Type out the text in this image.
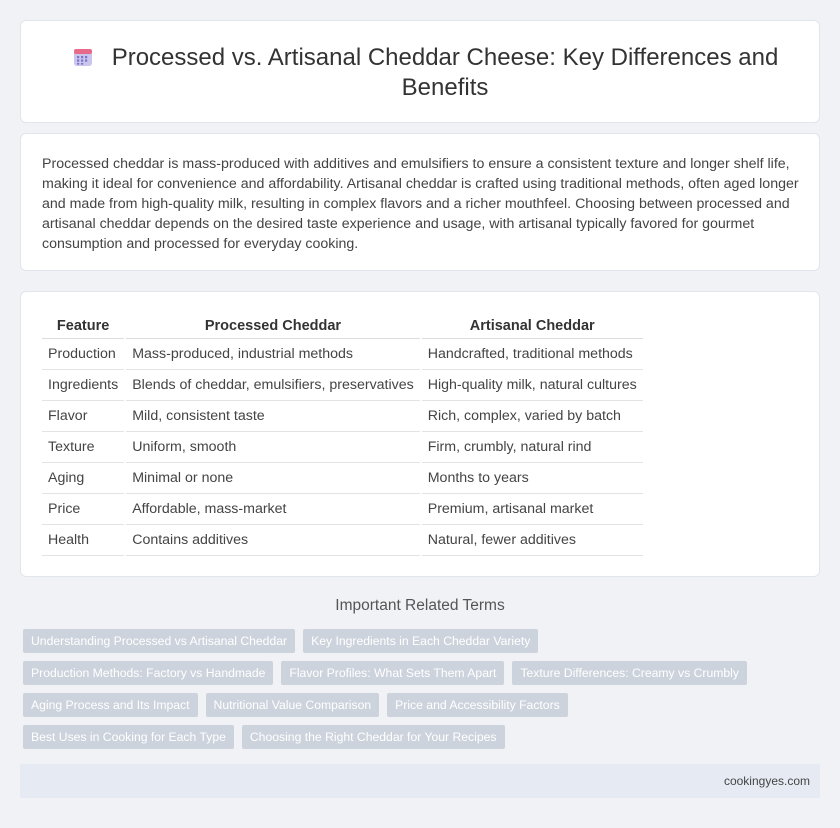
Processed vs. Artisanal Cheddar Cheese: Key Differences and Benefits

Processed cheddar is mass-produced with additives and emulsifiers to ensure a consistent texture and longer shelf life, making it ideal for convenience and affordability. Artisanal cheddar is crafted using traditional methods, often aged longer and made from high-quality milk, resulting in complex flavors and a richer mouthfeel. Choosing between processed and artisanal cheddar depends on the desired taste experience and usage, with artisanal typically favored for gourmet consumption and processed for everyday cooking.

Feature	Processed Cheddar	Artisanal Cheddar
Production	Mass-produced, industrial methods	Handcrafted, traditional methods
Ingredients	Blends of cheddar, emulsifiers, preservatives	High-quality milk, natural cultures
Flavor	Mild, consistent taste	Rich, complex, varied by batch
Texture	Uniform, smooth	Firm, crumbly, natural rind
Aging	Minimal or none	Months to years
Price	Affordable, mass-market	Premium, artisanal market
Health	Contains additives	Natural, fewer additives
Important Related Terms
Understanding Processed vs Artisanal Cheddar	Key Ingredients in Each Cheddar Variety
Production Methods: Factory vs Handmade	Flavor Profiles: What Sets Them Apart	Texture Differences: Creamy vs Crumbly
Aging Process and Its Impact	Nutritional Value Comparison	Price and Accessibility Factors
Best Uses in Cooking for Each Type	Choosing the Right Cheddar for Your Recipes
cookingyes.com
